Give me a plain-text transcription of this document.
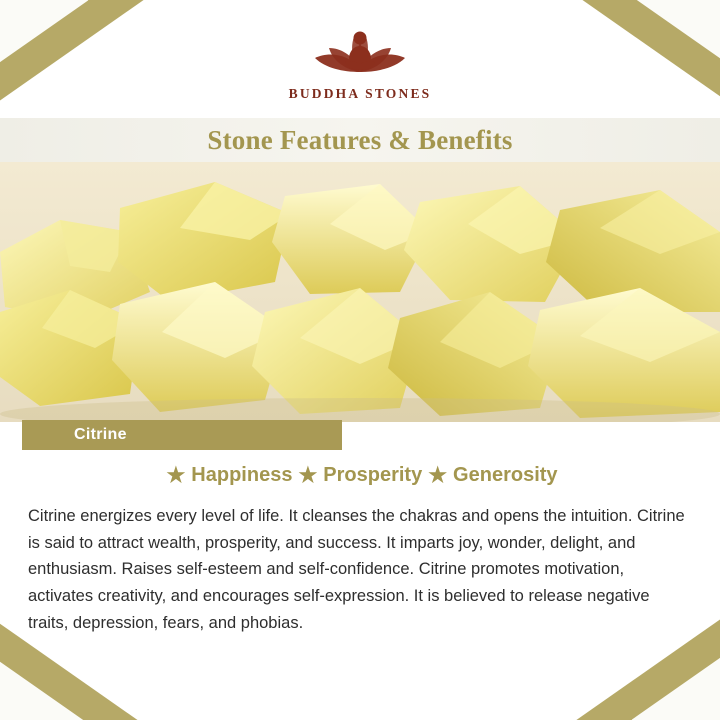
BUDDHA STONES
Stone Features & Benefits
Citrine
★ Happiness ★ Prosperity ★ Generosity

Citrine energizes every level of life. It cleanses the chakras and opens the intuition. Citrine is said to attract wealth, prosperity, and success. It imparts joy, wonder, delight, and enthusiasm. Raises self-esteem and self-confidence. Citrine promotes motivation, activates creativity, and encourages self-expression. It is believed to release negative traits, depression, fears, and phobias.
